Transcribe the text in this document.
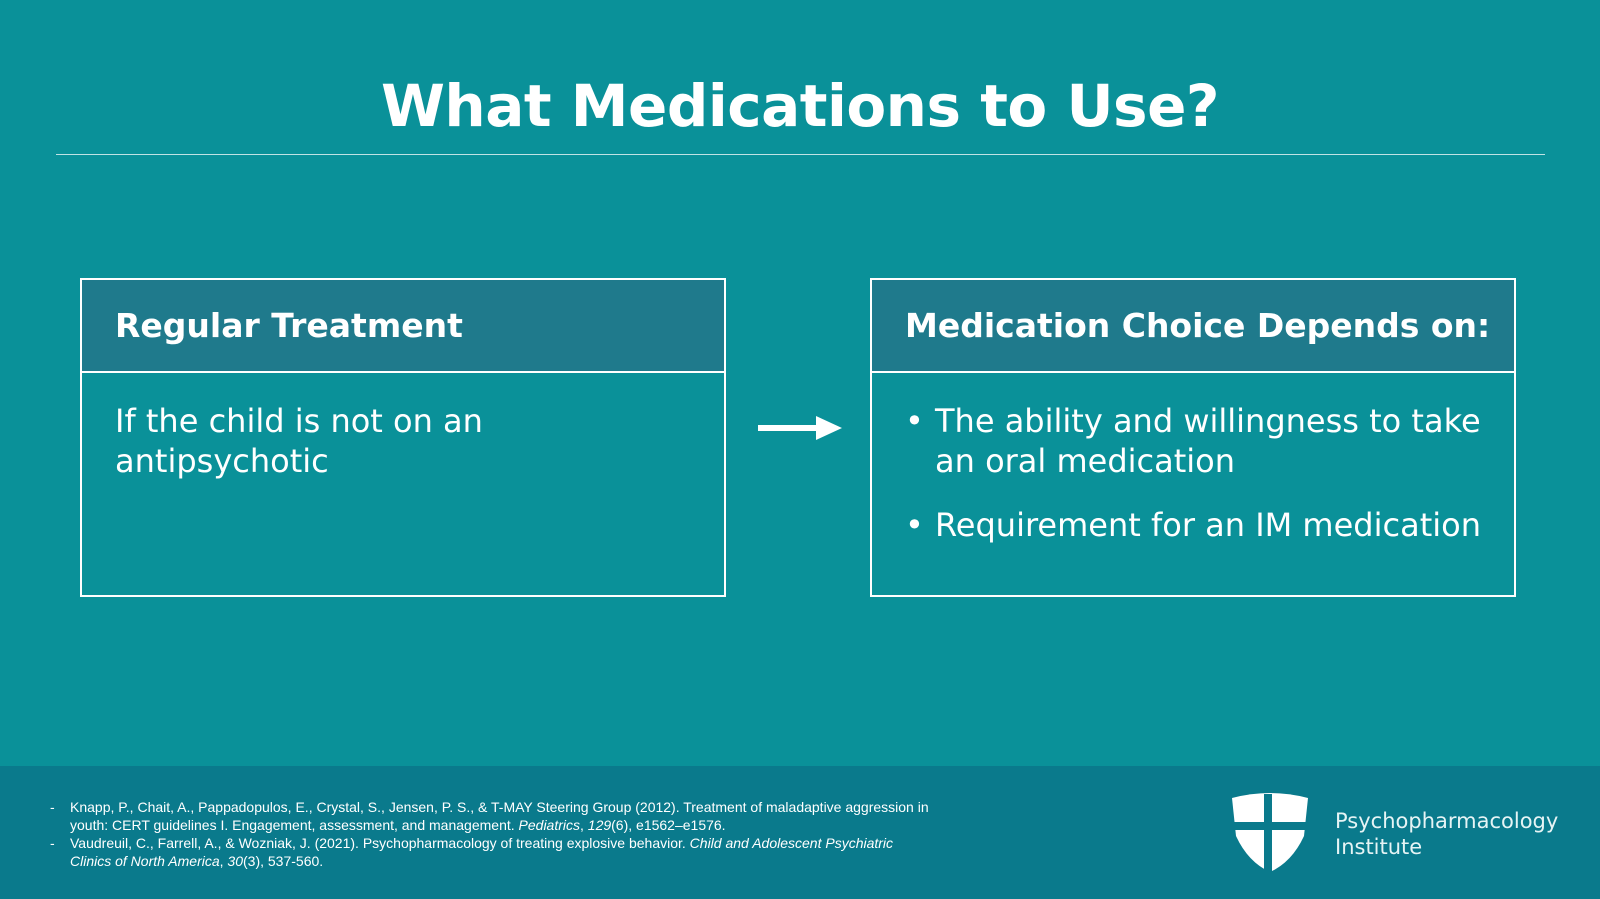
What Medications to Use?
Regular Treatment
If the child is not on an antipsychotic
Medication Choice Depends on:
• The ability and willingness to take an oral medication
• Requirement for an IM medication
- Knapp, P., Chait, A., Pappadopulos, E., Crystal, S., Jensen, P. S., & T-MAY Steering Group (2012). Treatment of maladaptive aggression in youth: CERT guidelines I. Engagement, assessment, and management. Pediatrics, 129(6), e1562–e1576.
- Vaudreuil, C., Farrell, A., & Wozniak, J. (2021). Psychopharmacology of treating explosive behavior. Child and Adolescent Psychiatric Clinics of North America, 30(3), 537-560.
Psychopharmacology
Institute
